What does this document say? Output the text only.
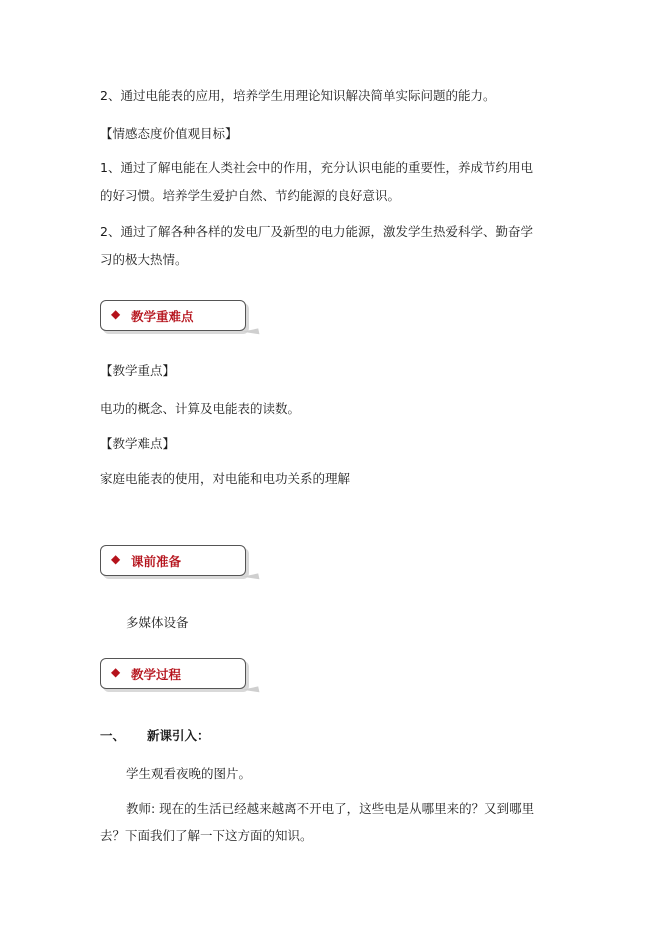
2、通过电能表的应用，培养学生用理论知识解决简单实际问题的能力。
【情感态度价值观目标】
1、通过了解电能在人类社会中的作用，充分认识电能的重要性，养成节约用电
的好习惯。培养学生爱护自然、节约能源的良好意识。
2、通过了解各种各样的发电厂及新型的电力能源，激发学生热爱科学、勤奋学
习的极大热情。
◆ 教学重难点
【教学重点】
电功的概念、计算及电能表的读数。
【教学难点】
家庭电能表的使用，对电能和电功关系的理解
◆ 课前准备
多媒体设备
◆ 教学过程
一、 新课引入：
学生观看夜晚的图片。
教师: 现在的生活已经越来越离不开电了，这些电是从哪里来的？又到哪里
去？下面我们了解一下这方面的知识。
